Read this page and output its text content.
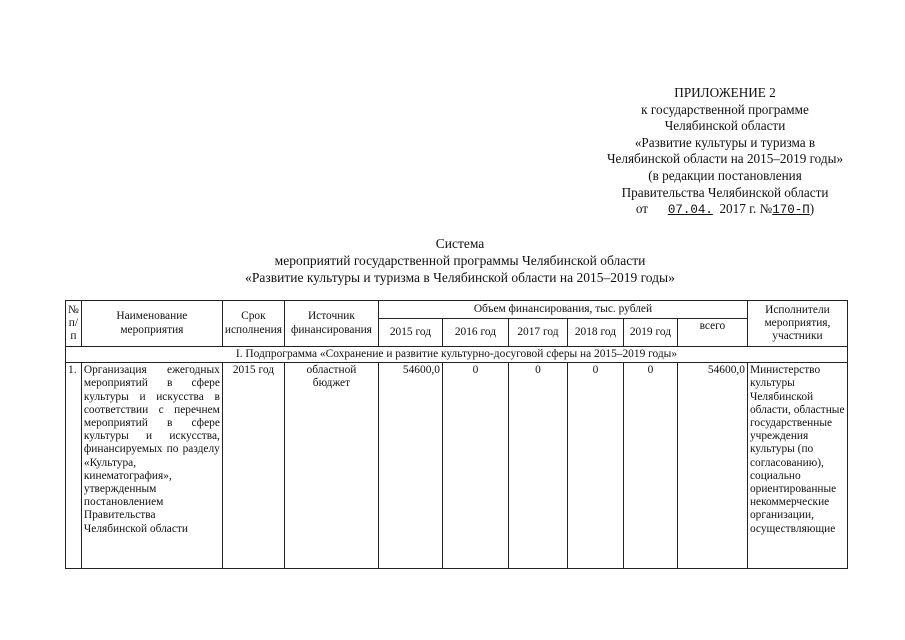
ПРИЛОЖЕНИЕ 2
к государственной программе
Челябинской области
«Развитие культуры и туризма в
Челябинской области на 2015–2019 годы»
(в редакции постановления
Правительства Челябинской области
от 07.04. 2017 г. №170-П)
Система
мероприятий государственной программы Челябинской области
«Развитие культуры и туризма в Челябинской области на 2015–2019 годы»
№ п/п	Наименование мероприятия	Срок исполнения	Источник финансирования	Объем финансирования, тыс. рублей						Исполнители мероприятия, участники
				2015 год	2016 год	2017 год	2018 год	2019 год	всего	
I. Подпрограмма «Сохранение и развитие культурно-досуговой сферы на 2015–2019 годы»										
1.	Организация ежегодных мероприятий в сфере культуры и искусства в соответствии с перечнем мероприятий в сфере культуры и искусства, финансируемых по разделу «Культура, кинематография», утвержденным постановлением Правительства Челябинской области	2015 год	областной бюджет	54600,0	0	0	0	0	54600,0	Министерство культуры Челябинской области, областные государственные учреждения культуры (по согласованию), социально ориентированные некоммерческие организации, осуществляющие
